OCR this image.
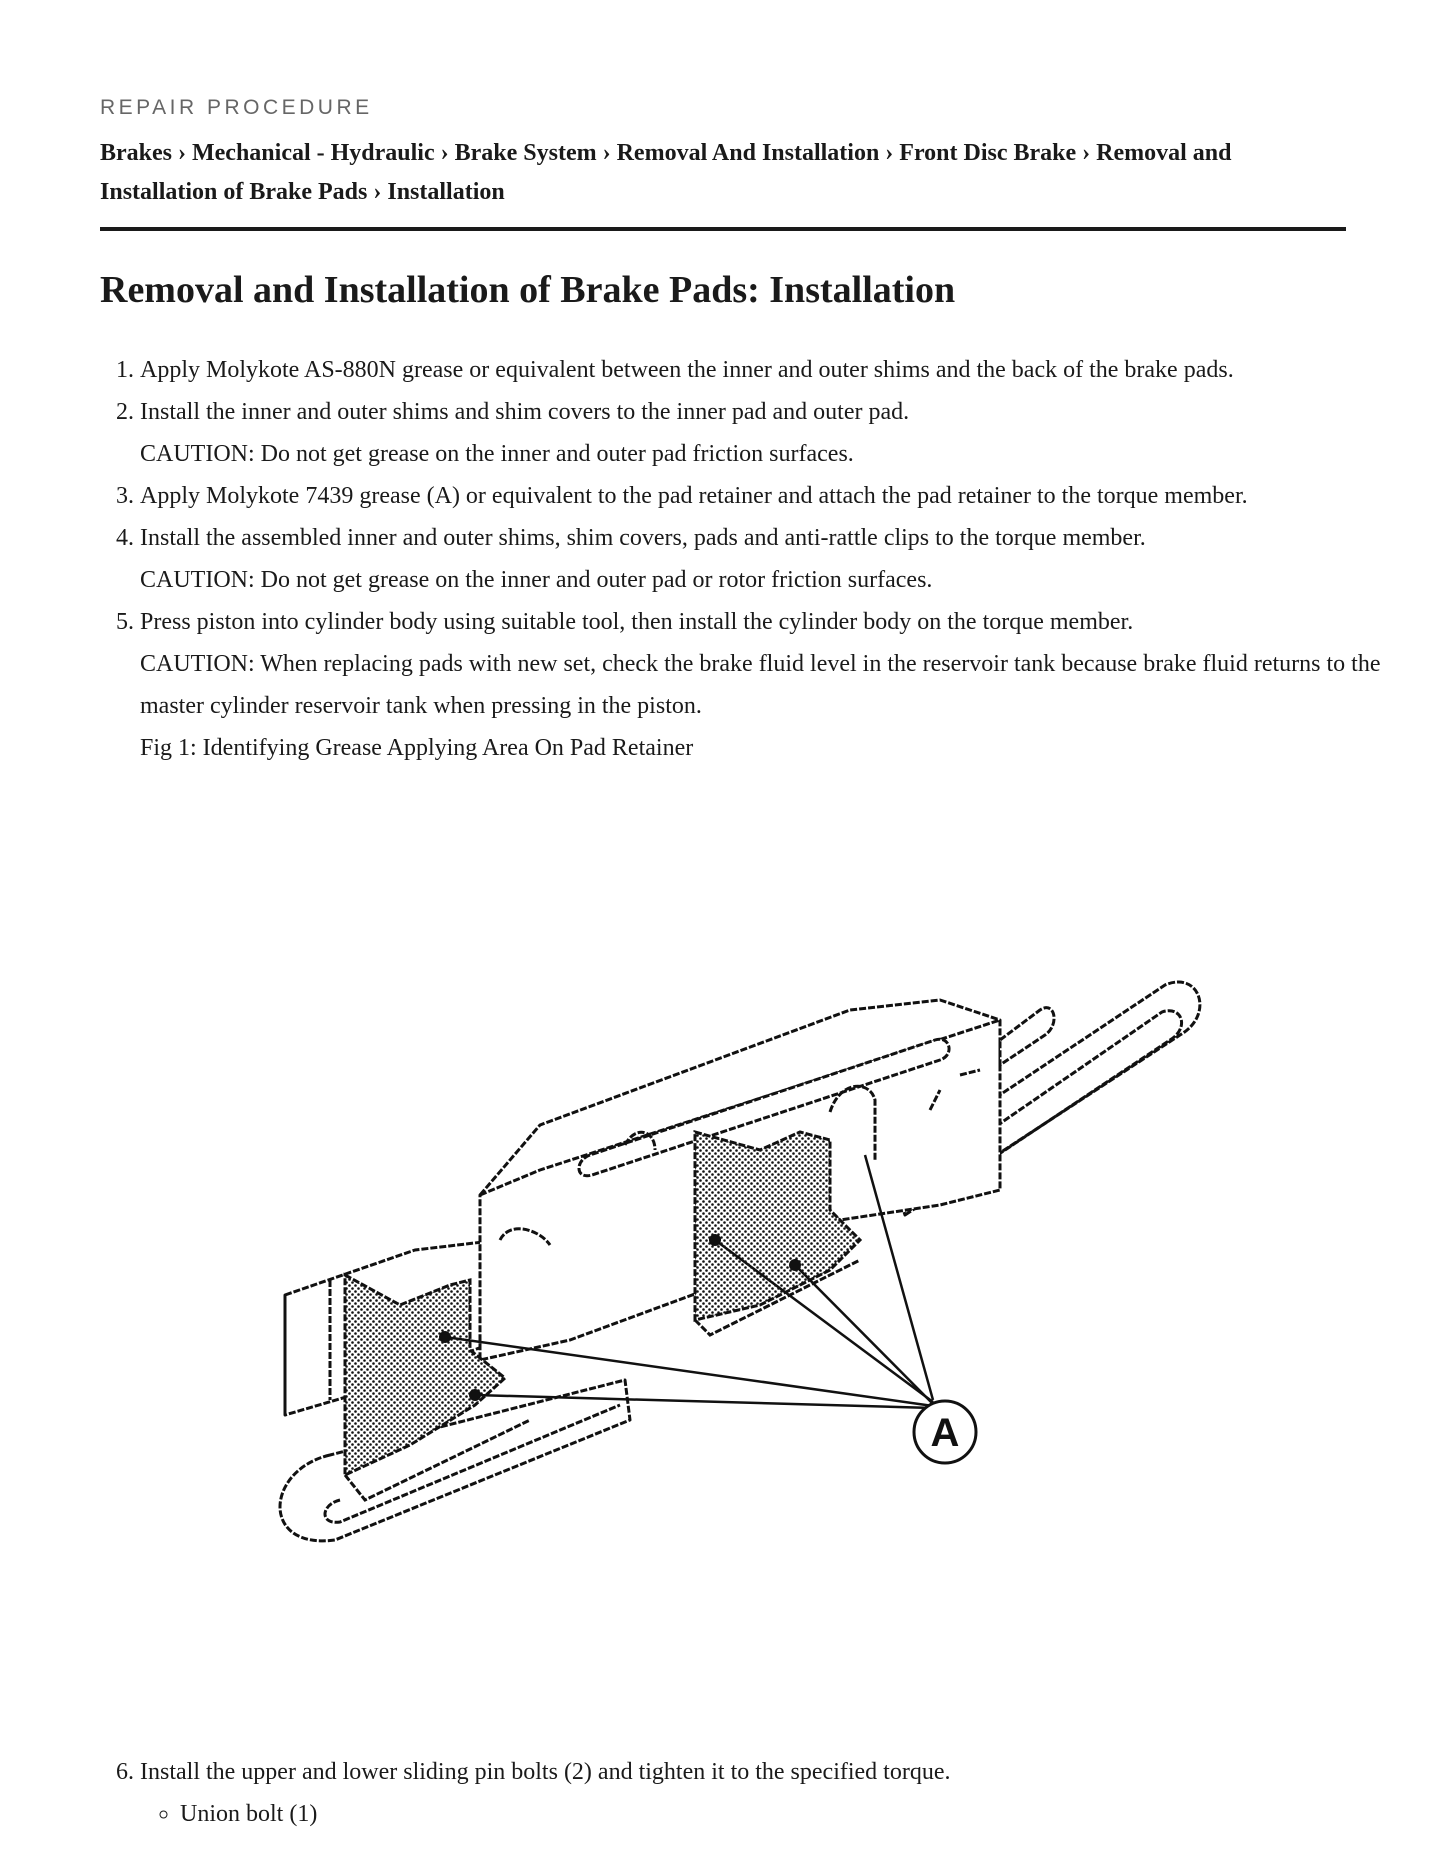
REPAIR PROCEDURE
Brakes › Mechanical - Hydraulic › Brake System › Removal And Installation › Front Disc Brake › Removal and Installation of Brake Pads › Installation
Removal and Installation of Brake Pads: Installation
1. Apply Molykote AS-880N grease or equivalent between the inner and outer shims and the back of the brake pads.
2. Install the inner and outer shims and shim covers to the inner pad and outer pad.
CAUTION: Do not get grease on the inner and outer pad friction surfaces.
3. Apply Molykote 7439 grease (A) or equivalent to the pad retainer and attach the pad retainer to the torque member.
4. Install the assembled inner and outer shims, shim covers, pads and anti-rattle clips to the torque member.
CAUTION: Do not get grease on the inner and outer pad or rotor friction surfaces.
5. Press piston into cylinder body using suitable tool, then install the cylinder body on the torque member.
CAUTION: When replacing pads with new set, check the brake fluid level in the reservoir tank because brake fluid returns to the master cylinder reservoir tank when pressing in the piston.
Fig 1: Identifying Grease Applying Area On Pad Retainer
A
6. Install the upper and lower sliding pin bolts (2) and tighten it to the specified torque.
◦ Union bolt (1)
